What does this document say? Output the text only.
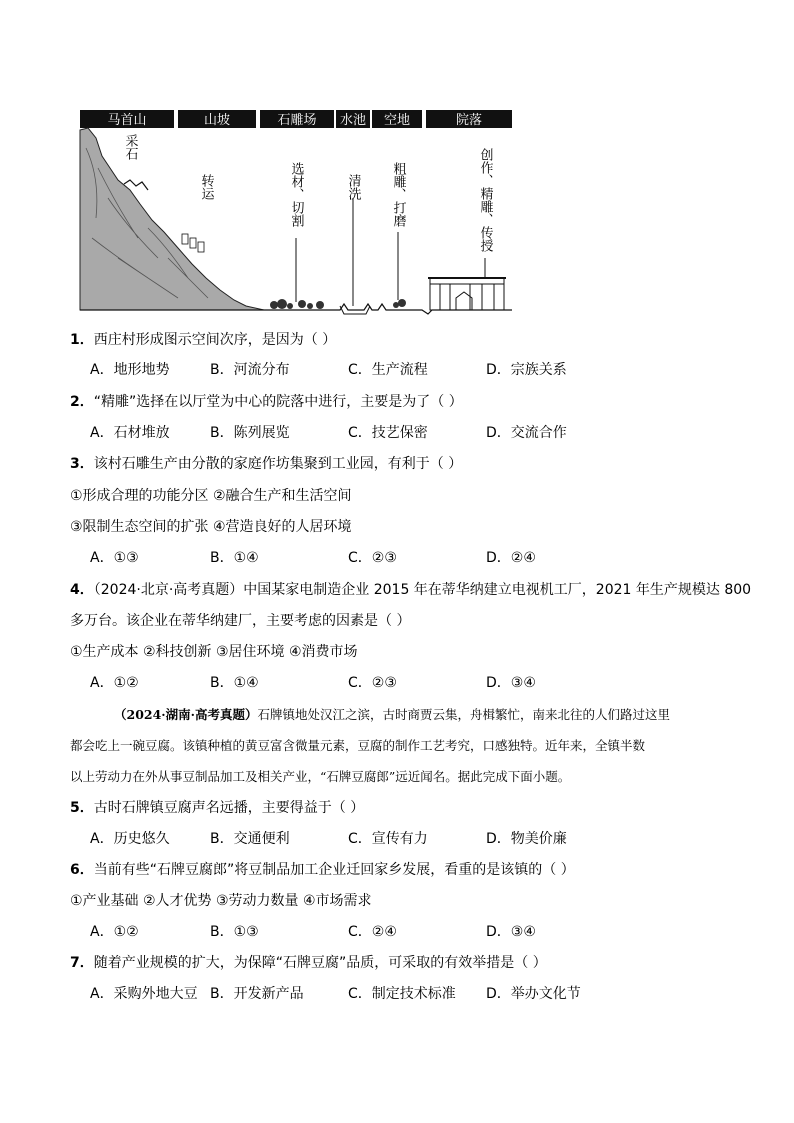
马首山	山坡	石雕场 水池 空地	院落
采石
转运	选材、切割	清洗 粗雕、打磨	创作、精雕、传授
1．西庄村形成图示空间次序，是因为（ ）
A．地形地势	B．河流分布	C．生产流程	D．宗族关系
2．“精雕”选择在以厅堂为中心的院落中进行，主要是为了（ ）
A．石材堆放	B．陈列展览	C．技艺保密	D．交流合作
3．该村石雕生产由分散的家庭作坊集聚到工业园，有利于（ ）
①形成合理的功能分区 ②融合生产和生活空间
③限制生态空间的扩张 ④营造良好的人居环境
A．①③	B．①④	C．②③	D．②④
4．（2024·北京·高考真题）中国某家电制造企业 2015 年在蒂华纳建立电视机工厂，2021 年生产规模达 800
多万台。该企业在蒂华纳建厂，主要考虑的因素是（ ）
①生产成本 ②科技创新 ③居住环境 ④消费市场
A．①②	B．①④	C．②③	D．③④
（2024·湖南·高考真题）石牌镇地处汉江之滨，古时商贾云集，舟楫繁忙，南来北往的人们路过这里
都会吃上一碗豆腐。该镇种植的黄豆富含微量元素，豆腐的制作工艺考究，口感独特。近年来，全镇半数
以上劳动力在外从事豆制品加工及相关产业，“石牌豆腐郎”远近闻名。据此完成下面小题。
5．古时石牌镇豆腐声名远播，主要得益于（ ）
A．历史悠久	B．交通便利	C．宣传有力	D．物美价廉
6．当前有些“石牌豆腐郎”将豆制品加工企业迁回家乡发展，看重的是该镇的（ ）
①产业基础 ②人才优势 ③劳动力数量 ④市场需求
A．①②	B．①③	C．②④	D．③④
7．随着产业规模的扩大，为保障“石牌豆腐”品质，可采取的有效举措是（ ）
A．采购外地大豆 B．开发新产品	C．制定技术标准 D．举办文化节
